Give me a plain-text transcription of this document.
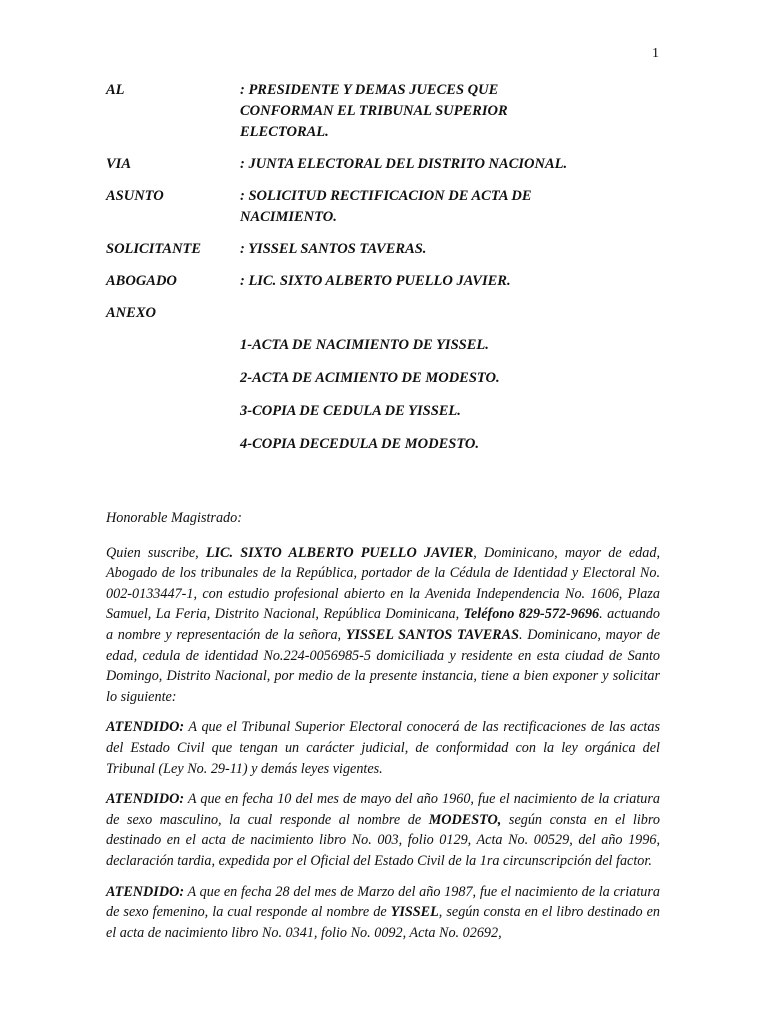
1
AL	: PRESIDENTE Y DEMAS JUECES QUE
CONFORMAN EL TRIBUNAL SUPERIOR
ELECTORAL.
VIA	: JUNTA ELECTORAL DEL DISTRITO NACIONAL.
ASUNTO	: SOLICITUD RECTIFICACION DE ACTA DE
NACIMIENTO.
SOLICITANTE	: YISSEL SANTOS TAVERAS.
ABOGADO	: LIC. SIXTO ALBERTO PUELLO JAVIER.
ANEXO
1-ACTA DE NACIMIENTO DE YISSEL.
2-ACTA DE ACIMIENTO DE MODESTO.
3-COPIA DE CEDULA DE YISSEL.
4-COPIA DECEDULA DE MODESTO.

Honorable Magistrado:

Quien suscribe, LIC. SIXTO ALBERTO PUELLO JAVIER, Dominicano, mayor de edad, Abogado de los tribunales de la República, portador de la Cédula de Identidad y Electoral No. 002-0133447-1, con estudio profesional abierto en la Avenida Independencia No. 1606, Plaza Samuel, La Feria, Distrito Nacional, República Dominicana, Teléfono 829-572-9696. actuando a nombre y representación de la señora, YISSEL SANTOS TAVERAS. Dominicano, mayor de edad, cedula de identidad No.224-0056985-5 domiciliada y residente en esta ciudad de Santo Domingo, Distrito Nacional, por medio de la presente instancia, tiene a bien exponer y solicitar lo siguiente:

ATENDIDO: A que el Tribunal Superior Electoral conocerá de las rectificaciones de las actas del Estado Civil que tengan un carácter judicial, de conformidad con la ley orgánica del Tribunal (Ley No. 29-11) y demás leyes vigentes.

ATENDIDO: A que en fecha 10 del mes de mayo del año 1960, fue el nacimiento de la criatura de sexo masculino, la cual responde al nombre de MODESTO, según consta en el libro destinado en el acta de nacimiento libro No. 003, folio 0129, Acta No. 00529, del año 1996, declaración tardia, expedida por el Oficial del Estado Civil de la 1ra circunscripción del factor.

ATENDIDO: A que en fecha 28 del mes de Marzo del año 1987, fue el nacimiento de la criatura de sexo femenino, la cual responde al nombre de YISSEL, según consta en el libro destinado en el acta de nacimiento libro No. 0341, folio No. 0092, Acta No. 02692,
